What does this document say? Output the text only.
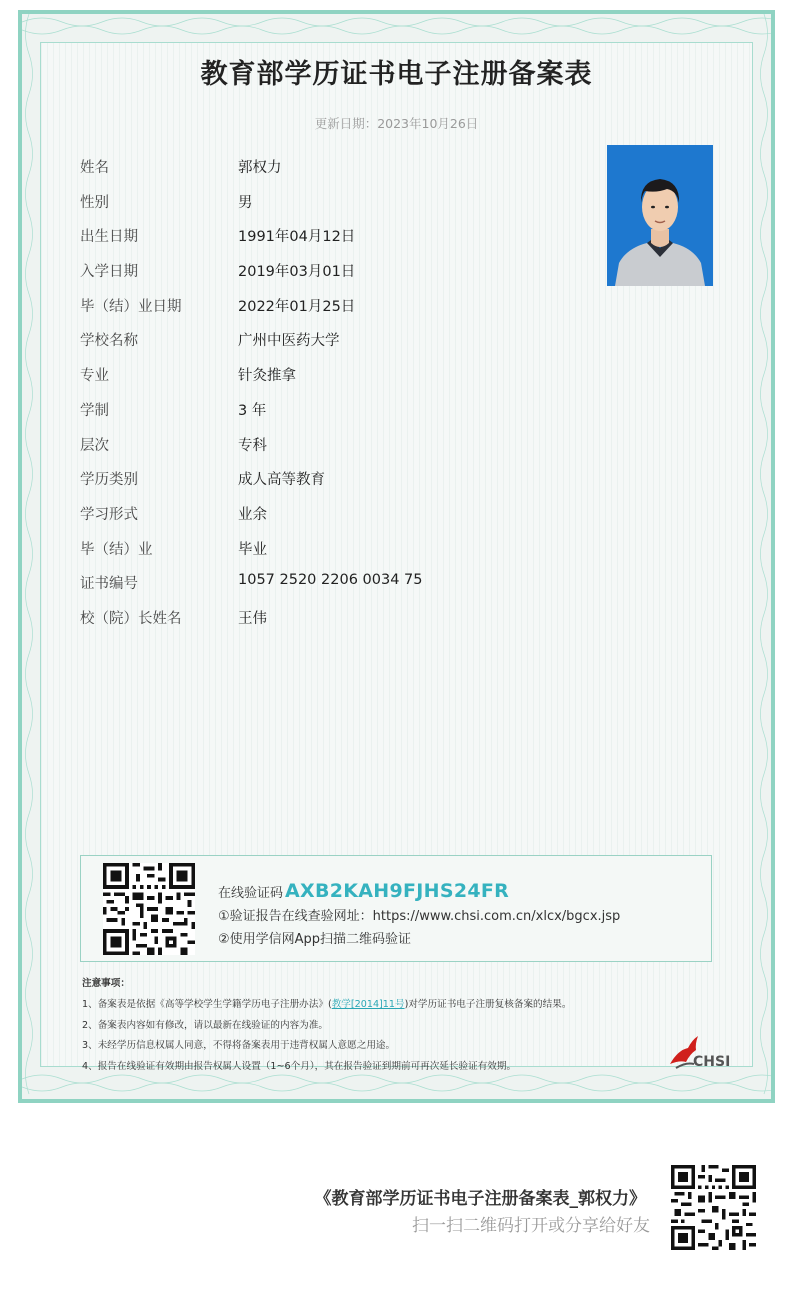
教育部学历证书电子注册备案表
更新日期：2023年10月26日
姓名	郭权力
性别	男
出生日期	1991年04月12日
入学日期	2019年03月01日
毕（结）业日期	2022年01月25日
学校名称	广州中医药大学
专业	针灸推拿
学制	3 年
层次	专科
学历类别	成人高等教育
学习形式	业余
毕（结）业	毕业
证书编号	1057 2520 2206 0034 75
校（院）长姓名	王伟
在线验证码 AXB2KAH9FJHS24FR
①验证报告在线查验网址：https://www.chsi.com.cn/xlcx/bgcx.jsp
②使用学信网App扫描二维码验证
注意事项：
1、备案表是依据《高等学校学生学籍学历电子注册办法》(教学[2014]11号)对学历证书电子注册复核备案的结果。
2、备案表内容如有修改，请以最新在线验证的内容为准。
3、未经学历信息权属人同意，不得将备案表用于违背权属人意愿之用途。
4、报告在线验证有效期由报告权属人设置（1~6个月），其在报告验证到期前可再次延长验证有效期。	CHSI
《教育部学历证书电子注册备案表_郭权力》
扫一扫二维码打开或分享给好友
